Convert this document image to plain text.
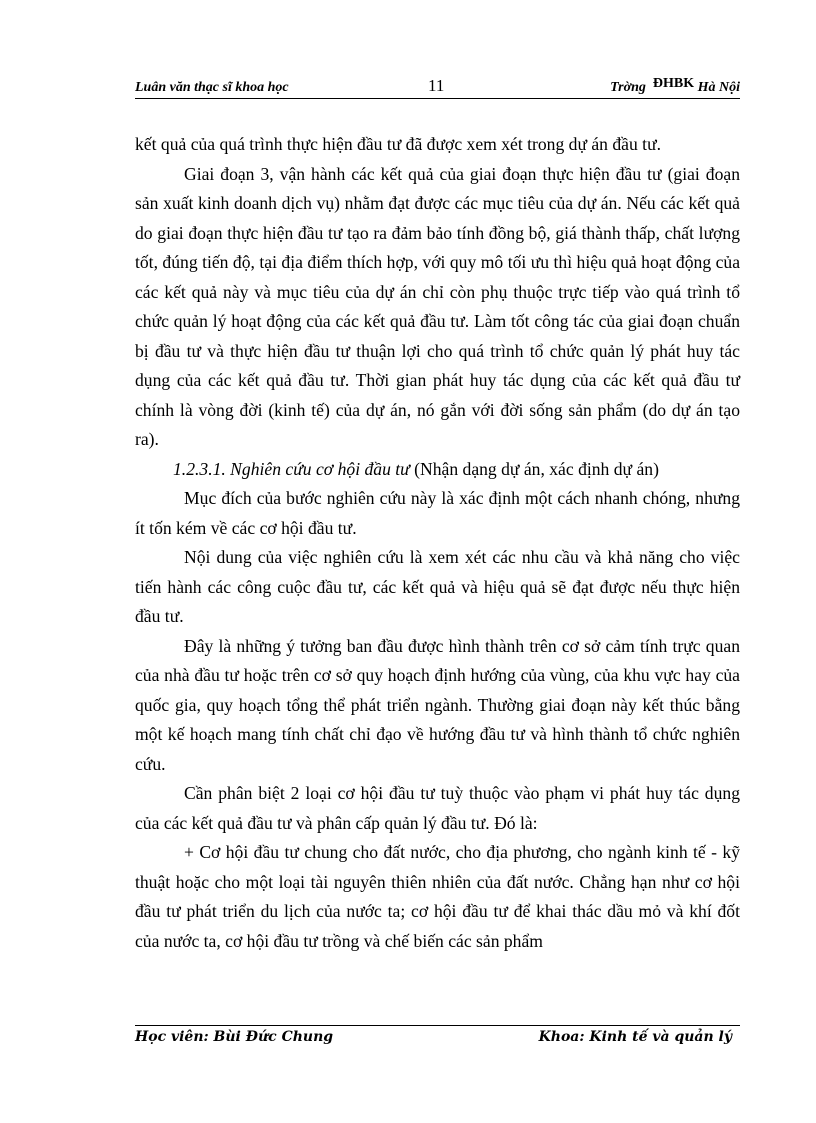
Luân văn thạc sĩ khoa học	11	Trờng ĐHBK Hà Nội

kết quả của quá trình thực hiện đầu tư đã được xem xét trong dự án đầu tư.

Giai đoạn 3, vận hành các kết quả của giai đoạn thực hiện đầu tư (giai đoạn sản xuất kinh doanh dịch vụ) nhằm đạt được các mục tiêu của dự án. Nếu các kết quả do giai đoạn thực hiện đầu tư tạo ra đảm bảo tính đồng bộ, giá thành thấp, chất lượng tốt, đúng tiến độ, tại địa điểm thích hợp, với quy mô tối ưu thì hiệu quả hoạt động của các kết quả này và mục tiêu của dự án chỉ còn phụ thuộc trực tiếp vào quá trình tổ chức quản lý hoạt động của các kết quả đầu tư. Làm tốt công tác của giai đoạn chuẩn bị đầu tư và thực hiện đầu tư thuận lợi cho quá trình tổ chức quản lý phát huy tác dụng của các kết quả đầu tư. Thời gian phát huy tác dụng của các kết quả đầu tư chính là vòng đời (kinh tế) của dự án, nó gắn với đời sống sản phẩm (do dự án tạo ra).

1.2.3.1. Nghiên cứu cơ hội đầu tư (Nhận dạng dự án, xác định dự án)

Mục đích của bước nghiên cứu này là xác định một cách nhanh chóng, nhưng ít tốn kém về các cơ hội đầu tư.

Nội dung của việc nghiên cứu là xem xét các nhu cầu và khả năng cho việc tiến hành các công cuộc đầu tư, các kết quả và hiệu quả sẽ đạt được nếu thực hiện đầu tư.

Đây là những ý tưởng ban đầu được hình thành trên cơ sở cảm tính trực quan của nhà đầu tư hoặc trên cơ sở quy hoạch định hướng của vùng, của khu vực hay của quốc gia, quy hoạch tổng thể phát triển ngành. Thường giai đoạn này kết thúc bằng một kế hoạch mang tính chất chỉ đạo về hướng đầu tư và hình thành tổ chức nghiên cứu.

Cần phân biệt 2 loại cơ hội đầu tư tuỳ thuộc vào phạm vi phát huy tác dụng của các kết quả đầu tư và phân cấp quản lý đầu tư. Đó là:

+ Cơ hội đầu tư chung cho đất nước, cho địa phương, cho ngành kinh tế - kỹ thuật hoặc cho một loại tài nguyên thiên nhiên của đất nước. Chẳng hạn như cơ hội đầu tư phát triển du lịch của nước ta; cơ hội đầu tư để khai thác dầu mỏ và khí đốt của nước ta, cơ hội đầu tư trồng và chế biến các sản phẩm

Học viên: Bùi Đức Chung	Khoa: Kinh tế và quản lý
